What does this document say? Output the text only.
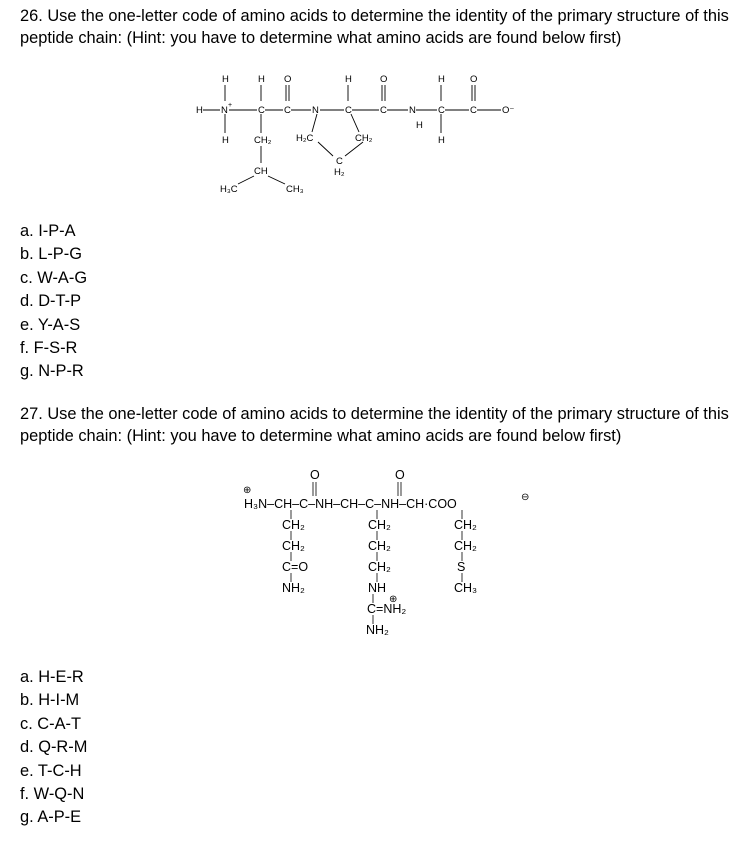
26. Use the one-letter code of amino acids to determine the identity of the primary structure of this peptide chain: (Hint: you have to determine what amino acids are found below first)

H N +	C C N	C	C N C	C	O⁻
H	H O	H	O	H	O
H	CH₂
CH
H₃C	CH₃
H
H
H₂C	CH₂
C
H₂
a. I-P-A
b. L-P-G
c. W-A-G
d. D-T-P
e. Y-A-S
f. F-S-R
g. N-P-R

27. Use the one-letter code of amino acids to determine the identity of the primary structure of this peptide chain: (Hint: you have to determine what amino acids are found below first)

H₃N–CH–C–NH–CH–C–NH–CH·COO
⊕
⊖
O	O
CH₂
CH₂
C=O
NH₂
CH₂
CH₂
CH₂
NH
⊕
C=NH₂
NH₂
CH₂
CH₂
S
CH₃
a. H-E-R
b. H-I-M
c. C-A-T
d. Q-R-M
e. T-C-H
f. W-Q-N
g. A-P-E
